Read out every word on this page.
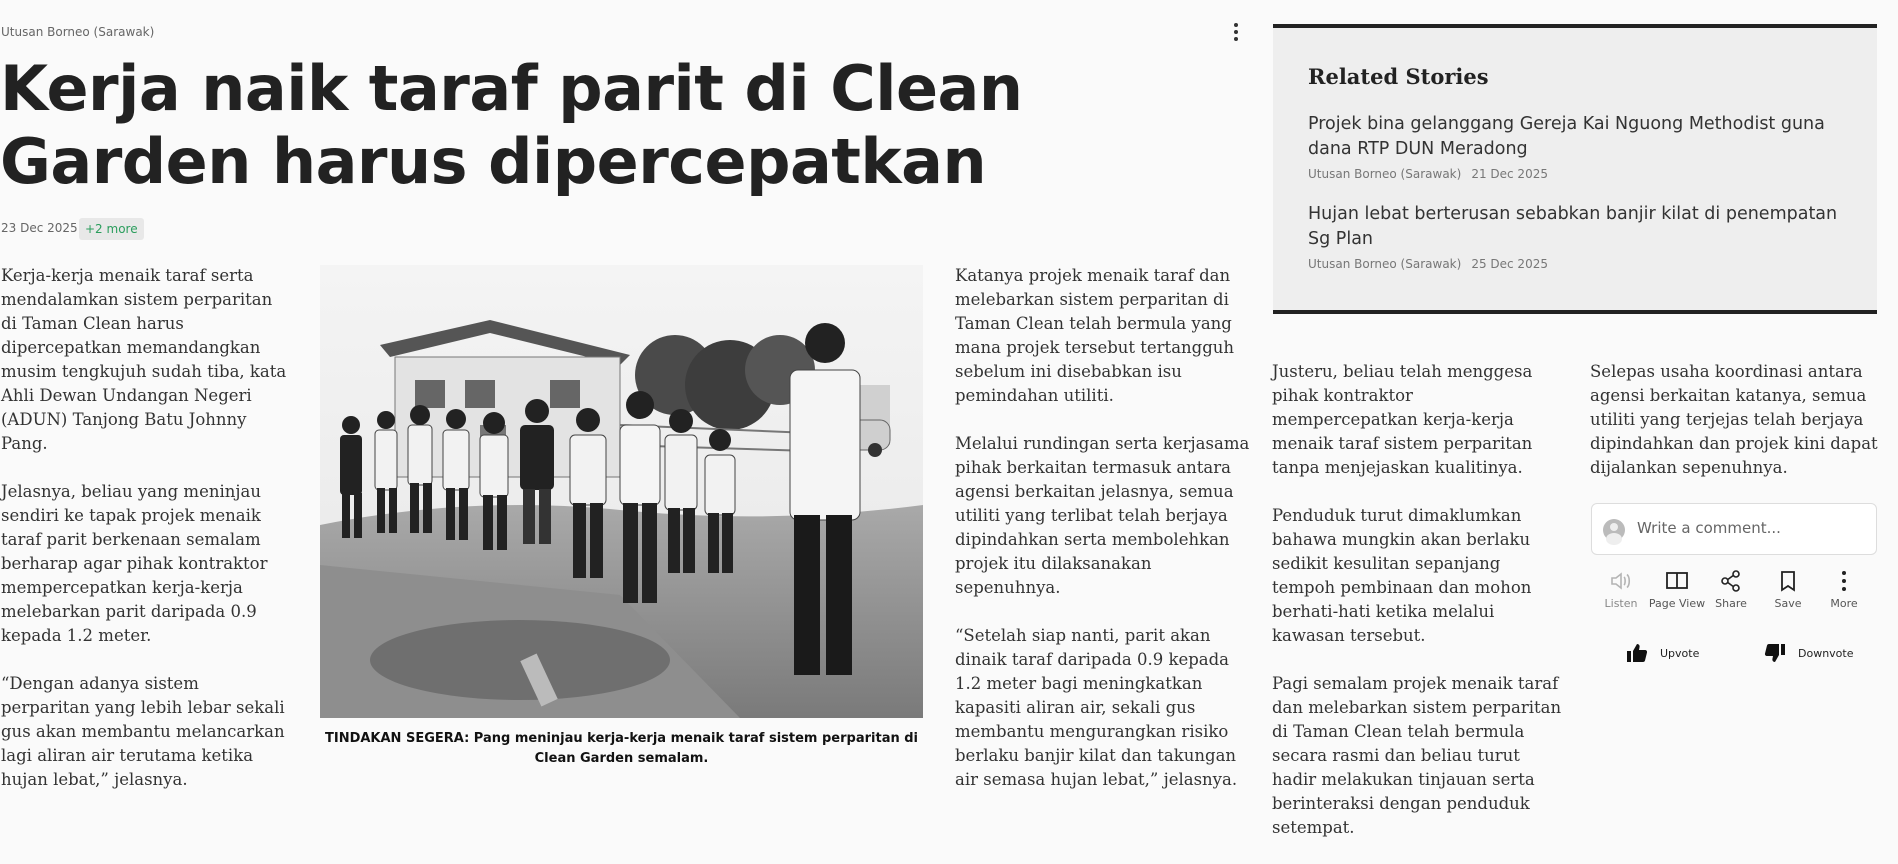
Utusan Borneo (Sarawak)
Kerja naik taraf parit di Clean Garden harus dipercepatkan
23 Dec 2025 +2 more

Kerja-kerja menaik taraf serta mendalamkan sistem perparitan di Taman Clean harus dipercepatkan memandangkan musim tengkujuh sudah tiba, kata Ahli Dewan Undangan Negeri (ADUN) Tanjong Batu Johnny Pang.

Jelasnya, beliau yang meninjau sendiri ke tapak projek menaik taraf parit berkenaan semalam berharap agar pihak kontraktor mempercepatkan kerja-kerja melebarkan parit daripada 0.9 kepada 1.2 meter.

“Dengan adanya sistem perparitan yang lebih lebar sekali gus akan membantu melancarkan lagi aliran air terutama ketika hujan lebat,” jelasnya.

TINDAKAN SEGERA: Pang meninjau kerja-kerja menaik taraf sistem perparitan di Clean Garden semalam.

Katanya projek menaik taraf dan melebarkan sistem perparitan di Taman Clean telah bermula yang mana projek tersebut tertangguh sebelum ini disebabkan isu pemindahan utiliti.

Melalui rundingan serta kerjasama pihak berkaitan termasuk antara agensi berkaitan jelasnya, semua utiliti yang terlibat telah berjaya dipindahkan serta membolehkan projek itu dilaksanakan sepenuhnya.

“Setelah siap nanti, parit akan dinaik taraf daripada 0.9 kepada 1.2 meter bagi meningkatkan kapasiti aliran air, sekali gus membantu mengurangkan risiko berlaku banjir kilat dan takungan air semasa hujan lebat,” jelasnya.

Related Stories
Projek bina gelanggang Gereja Kai Nguong Methodist guna dana RTP DUN Meradong
Utusan Borneo (Sarawak) 21 Dec 2025
Hujan lebat berterusan sebabkan banjir kilat di penempatan Sg Plan
Utusan Borneo (Sarawak) 25 Dec 2025

Justeru, beliau telah menggesa pihak kontraktor mempercepatkan kerja-kerja menaik taraf sistem perparitan tanpa menjejaskan kualitinya.

Penduduk turut dimaklumkan bahawa mungkin akan berlaku sedikit kesulitan sepanjang tempoh pembinaan dan mohon berhati-hati ketika melalui kawasan tersebut.

Pagi semalam projek menaik taraf dan melebarkan sistem perparitan di Taman Clean telah bermula secara rasmi dan beliau turut hadir melakukan tinjauan serta berinteraksi dengan penduduk setempat.

Selepas usaha koordinasi antara agensi berkaitan katanya, semua utiliti yang terjejas telah berjaya dipindahkan dan projek kini dapat dijalankan sepenuhnya.

Write a comment...
Listen	Page View Share	Save	More
Upvote	Downvote
